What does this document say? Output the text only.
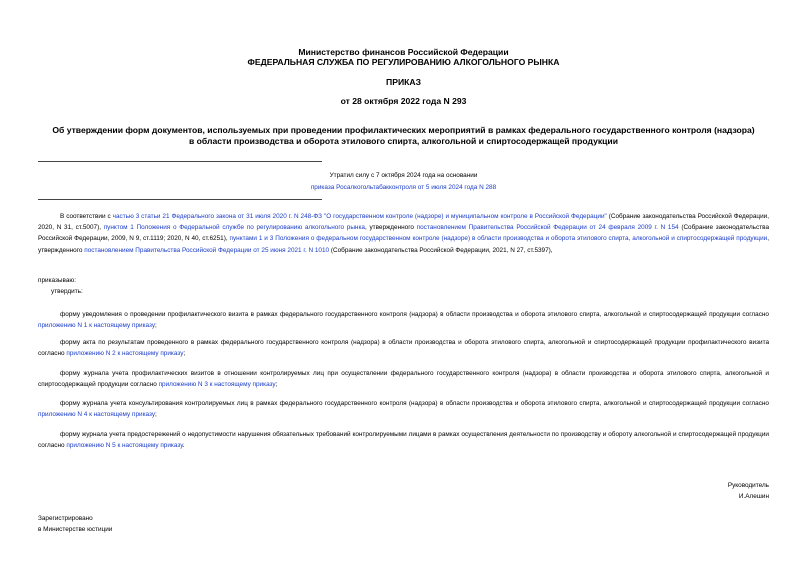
Министерство финансов Российской Федерации
ФЕДЕРАЛЬНАЯ СЛУЖБА ПО РЕГУЛИРОВАНИЮ АЛКОГОЛЬНОГО РЫНКА
ПРИКАЗ
от 28 октября 2022 года N 293
Об утверждении форм документов, используемых при проведении профилактических мероприятий в рамках федерального государственного контроля (надзора)
в области производства и оборота этилового спирта, алкогольной и спиртосодержащей продукции
Утратил силу с 7 октября 2024 года на основании
приказа Росалкогольтабакконтроля от 5 июля 2024 года N 288
В соответствии с частью 3 статьи 21 Федерального закона от 31 июля 2020 г. N 248-ФЗ "О государственном контроле (надзоре) и муниципальном контроле в Российской Федерации" (Собрание законодательства Российской Федерации, 2020, N 31, ст.5007), пунктом 1 Положения о Федеральной службе по регулированию алкогольного рынка, утвержденного постановлением Правительства Российской Федерации от 24 февраля 2009 г. N 154 (Собрание законодательства Российской Федерации, 2009, N 9, ст.1119; 2020, N 40, ст.6251), пунктами 1 и 3 Положения о федеральном государственном контроле (надзоре) в области производства и оборота этилового спирта, алкогольной и спиртосодержащей продукции, утвержденного постановлением Правительства Российской Федерации от 25 июня 2021 г. N 1010 (Собрание законодательства Российской Федерации, 2021, N 27, ст.5397),
приказываю:
утвердить:
форму уведомления о проведении профилактического визита в рамках федерального государственного контроля (надзора) в области производства и оборота этилового спирта, алкогольной и спиртосодержащей продукции согласно приложению N 1 к настоящему приказу;
форму акта по результатам проведенного в рамках федерального государственного контроля (надзора) в области производства и оборота этилового спирта, алкогольной и спиртосодержащей продукции профилактического визита согласно приложению N 2 к настоящему приказу;
форму журнала учета профилактических визитов в отношении контролируемых лиц при осуществлении федерального государственного контроля (надзора) в области производства и оборота этилового спирта, алкогольной и спиртосодержащей продукции согласно приложению N 3 к настоящему приказу;
форму журнала учета консультирования контролируемых лиц в рамках федерального государственного контроля (надзора) в области производства и оборота этилового спирта, алкогольной и спиртосодержащей продукции согласно приложению N 4 к настоящему приказу;
форму журнала учета предостережений о недопустимости нарушения обязательных требований контролируемыми лицами в рамках осуществления деятельности по производству и обороту алкогольной и спиртосодержащей продукции согласно приложению N 5 к настоящему приказу.
Руководитель
И.Алешин
Зарегистрировано
в Министерстве юстиции
